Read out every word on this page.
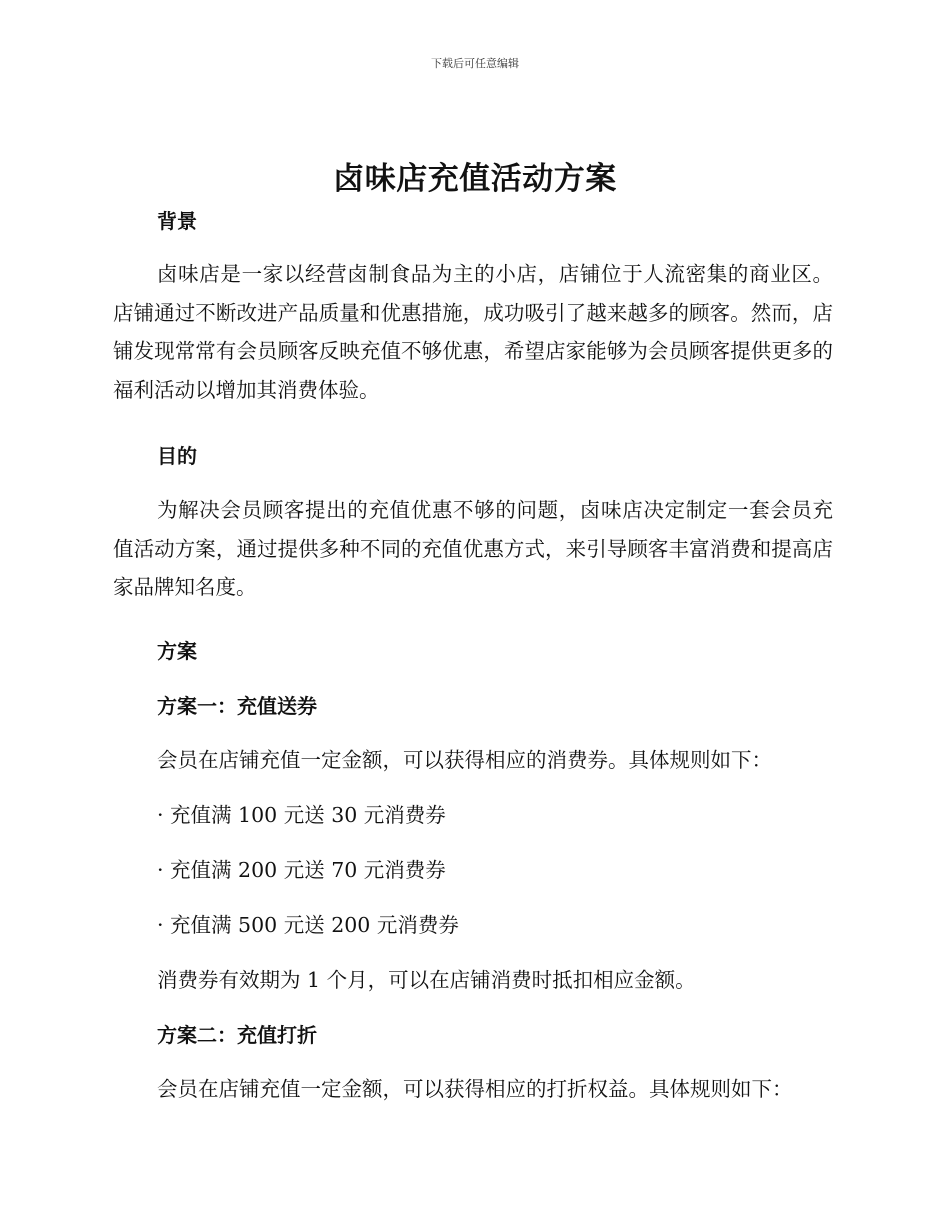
下载后可任意编辑
卤味店充值活动方案
背景
卤味店是一家以经营卤制食品为主的小店，店铺位于人流密集的商业区。店铺通过不断改进产品质量和优惠措施，成功吸引了越来越多的顾客。然而，店铺发现常常有会员顾客反映充值不够优惠，希望店家能够为会员顾客提供更多的福利活动以增加其消费体验。
目的
为解决会员顾客提出的充值优惠不够的问题，卤味店决定制定一套会员充值活动方案，通过提供多种不同的充值优惠方式，来引导顾客丰富消费和提高店家品牌知名度。
方案
方案一：充值送券
会员在店铺充值一定金额，可以获得相应的消费券。具体规则如下：
· 充值满 100 元送 30 元消费券
· 充值满 200 元送 70 元消费券
· 充值满 500 元送 200 元消费券
消费券有效期为 1 个月，可以在店铺消费时抵扣相应金额。
方案二：充值打折
会员在店铺充值一定金额，可以获得相应的打折权益。具体规则如下：
